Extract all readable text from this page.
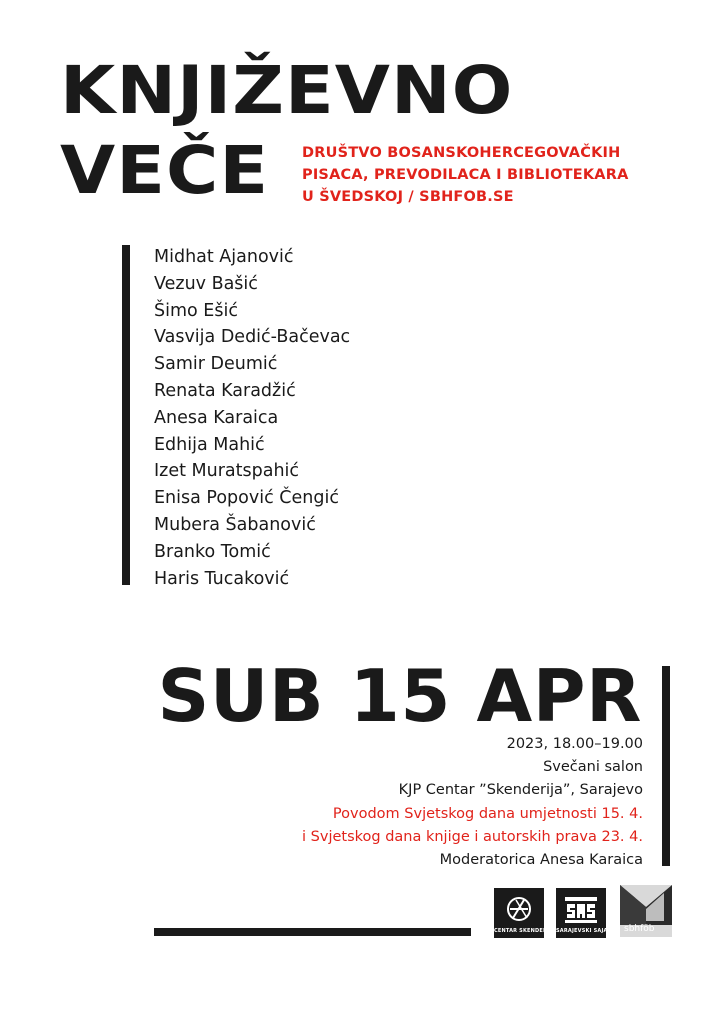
KNJIŽEVNO
VEČE DRUŠTVO BOSANSKOHERCEGOVAČKIH
PISACA, PREVODILACA I BIBLIOTEKARA
U ŠVEDSKOJ / SBHFOB.SE
Midhat Ajanović
Vezuv Bašić
Šimo Ešić
Vasvija Dedić-Bačevac
Samir Deumić
Renata Karadžić
Anesa Karaica
Edhija Mahić
Izet Muratspahić
Enisa Popović Čengić
Mubera Šabanović
Branko Tomić
Haris Tucaković
SUB 15 APR
2023, 18.00–19.00
Svečani salon
KJP Centar ˮSkenderija”, Sarajevo
Povodom Svjetskog dana umjetnosti 15. 4.
i Svjetskog dana knjige i autorskih prava 23. 4.
Moderatorica Anesa Karaica
CENTAR SKENDERIJA SARAJEVSKI SAJAM sbhföb
